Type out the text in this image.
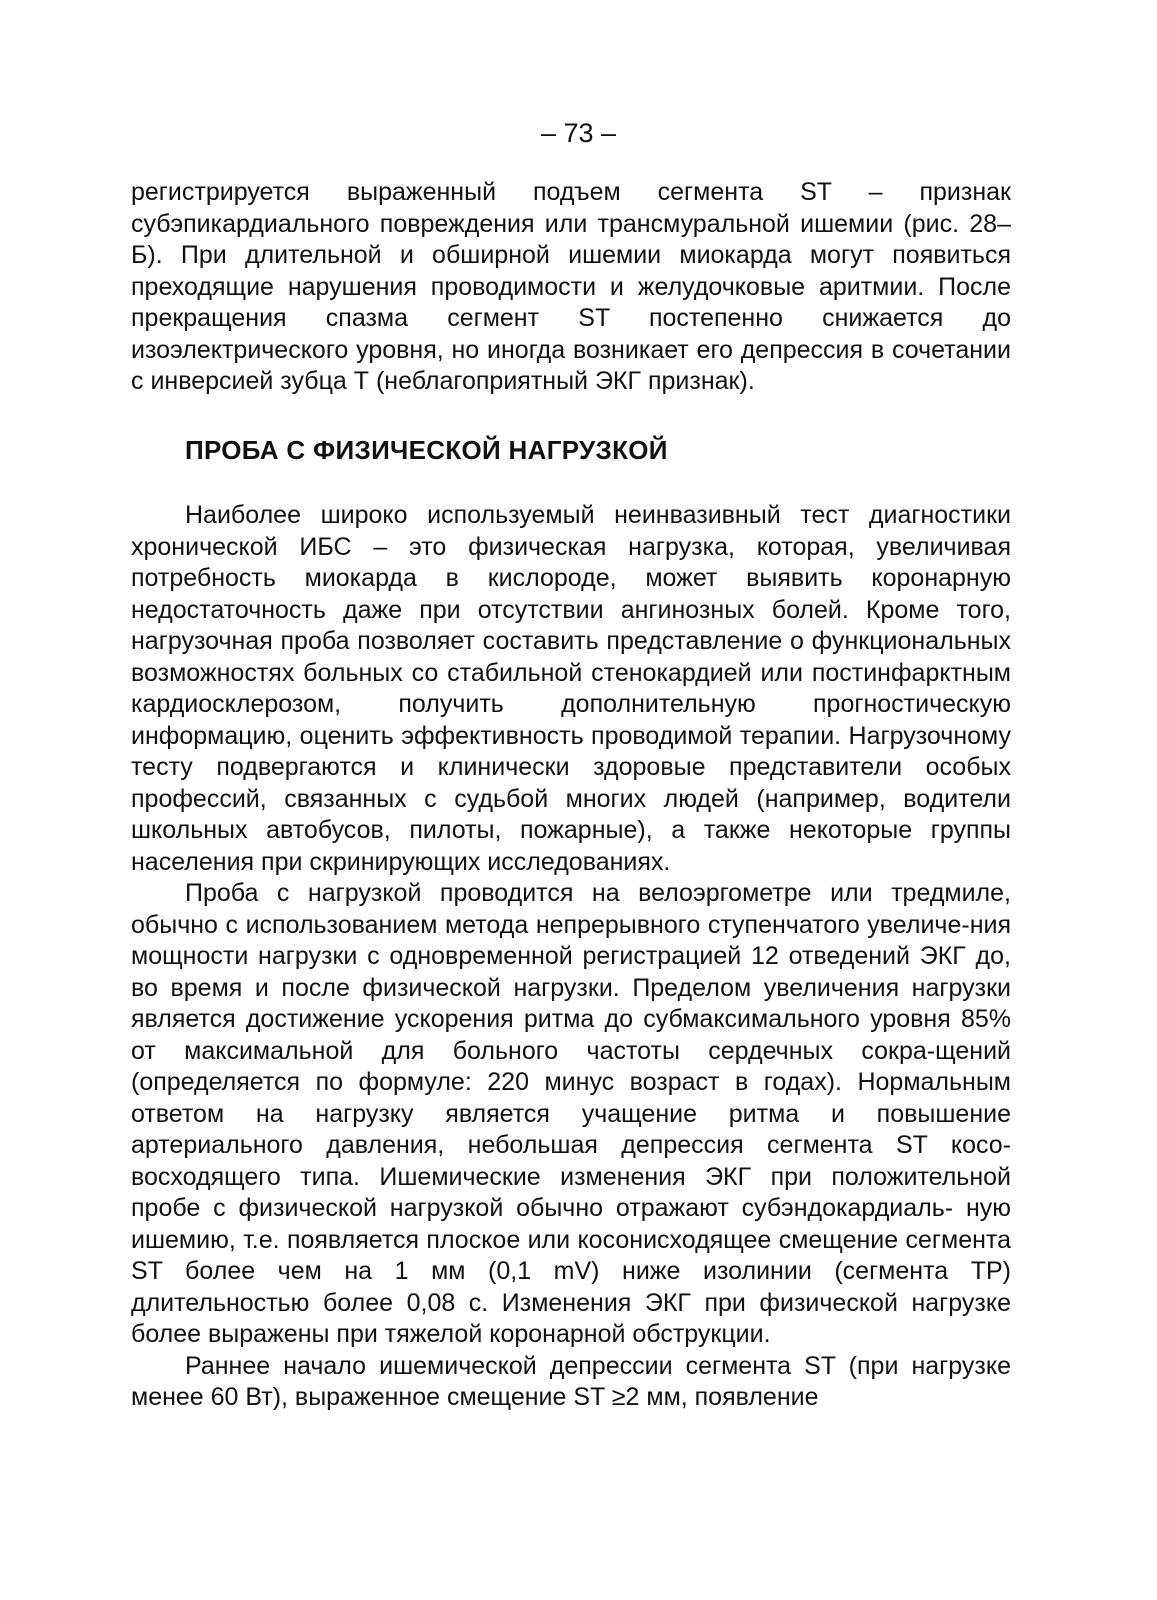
– 73 –

регистрируется выраженный подъем сегмента ST – признак субэпикардиального повреждения или трансмуральной ишемии (рис. 28–Б). При длительной и обширной ишемии миокарда могут появиться преходящие нарушения проводимости и желудочковые аритмии. После прекращения спазма сегмент ST постепенно снижается до изоэлектрического уровня, но иногда возникает его депрессия в сочетании с инверсией зубца Т (неблагоприятный ЭКГ признак).

ПРОБА С ФИЗИЧЕСКОЙ НАГРУЗКОЙ

Наиболее широко используемый неинвазивный тест диагностики хронической ИБС – это физическая нагрузка, которая, увеличивая потребность миокарда в кислороде, может выявить коронарную недостаточность даже при отсутствии ангинозных болей. Кроме того, нагрузочная проба позволяет составить представление о функциональных возможностях больных со стабильной стенокардией или постинфарктным кардиосклерозом, получить дополнительную прогностическую информацию, оценить эффективность проводимой терапии. Нагрузочному тесту подвергаются и клинически здоровые представители особых профессий, связанных с судьбой многих людей (например, водители школьных автобусов, пилоты, пожарные), а также некоторые группы населения при скринирующих исследованиях.

Проба с нагрузкой проводится на велоэргометре или тредмиле, обычно с использованием метода непрерывного ступенчатого увеличе-ния мощности нагрузки с одновременной регистрацией 12 отведений ЭКГ до, во время и после физической нагрузки. Пределом увеличения нагрузки является достижение ускорения ритма до субмаксимального уровня 85% от максимальной для больного частоты сердечных сокра-щений (определяется по формуле: 220 минус возраст в годах). Нормальным ответом на нагрузку является учащение ритма и повышение артериального давления, небольшая депрессия сегмента ST косо-восходящего типа. Ишемические изменения ЭКГ при положительной пробе с физической нагрузкой обычно отражают субэндокардиаль- ную ишемию, т.е. появляется плоское или косонисходящее смещение сегмента ST более чем на 1 мм (0,1 mV) ниже изолинии (сегмента TP) длительностью более 0,08 с. Изменения ЭКГ при физической нагрузке более выражены при тяжелой коронарной обструкции.

Раннее начало ишемической депрессии сегмента ST (при нагрузке менее 60 Вт), выраженное смещение ST ≥2 мм, появление
